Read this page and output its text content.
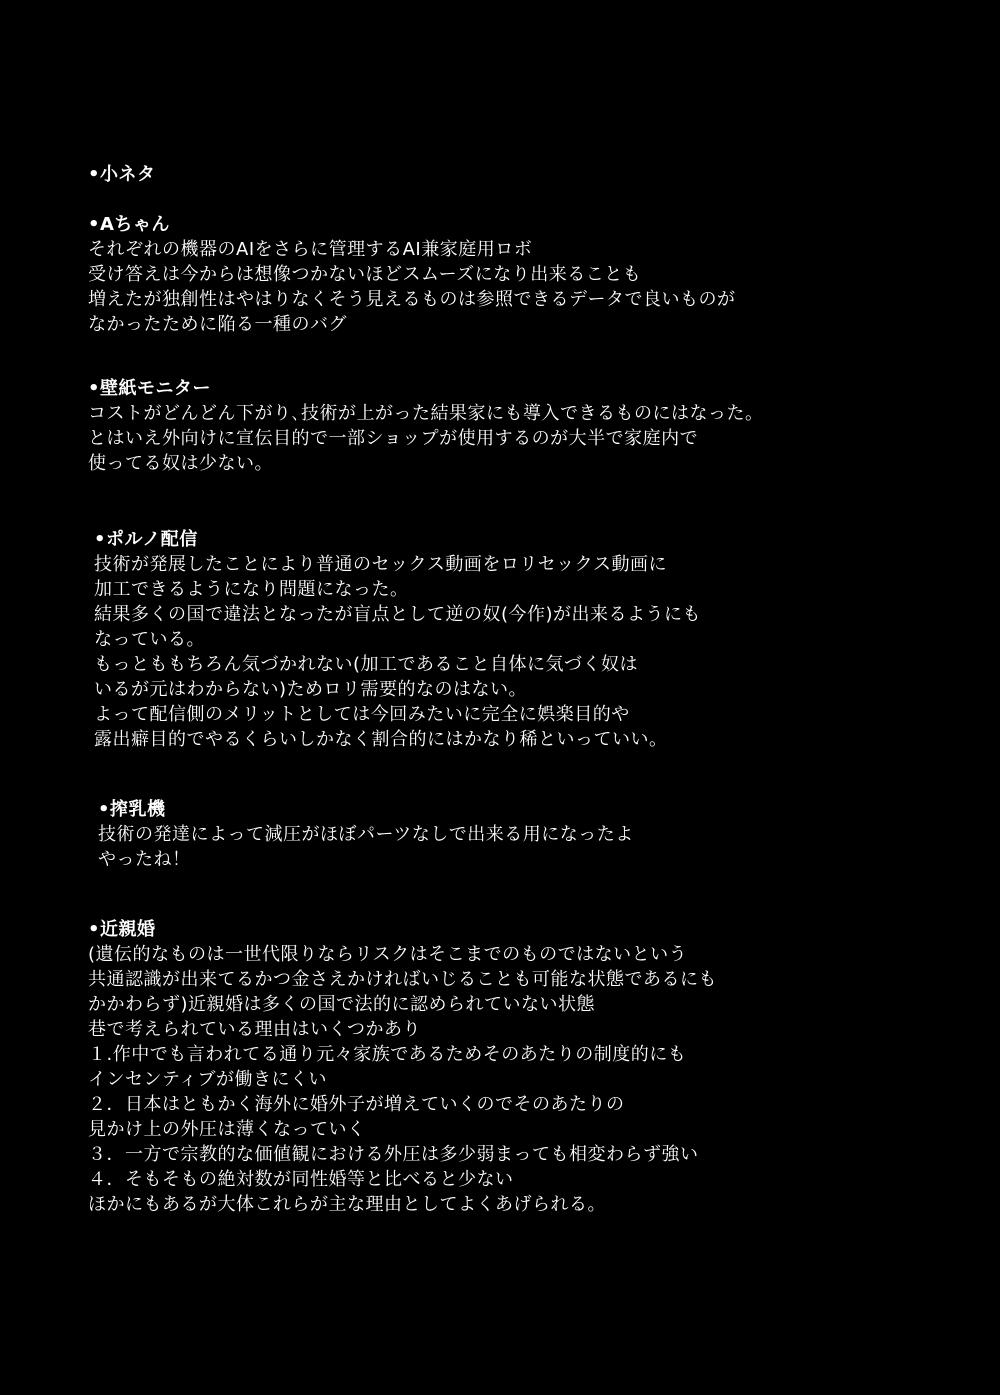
•小ネタ
•Aちゃん
それぞれの機器のAIをさらに管理するAI兼家庭用ロボ
受け答えは今からは想像つかないほどスムーズになり出来ることも
増えたが独創性はやはりなくそう見えるものは参照できるデータで良いものが
なかったために陥る一種のバグ
•壁紙モニター
コストがどんどん下がり､技術が上がった結果家にも導入できるものにはなった。
とはいえ外向けに宣伝目的で一部ショップが使用するのが大半で家庭内で
使ってる奴は少ない。
•ポルノ配信
技術が発展したことにより普通のセックス動画をロリセックス動画に
加工できるようになり問題になった。
結果多くの国で違法となったが盲点として逆の奴(今作)が出来るようにも
なっている。
もっとももちろん気づかれない(加工であること自体に気づく奴は
いるが元はわからない)ためロリ需要的なのはない。
よって配信側のメリットとしては今回みたいに完全に娯楽目的や
露出癖目的でやるくらいしかなく割合的にはかなり稀といっていい。
•搾乳機
技術の発達によって減圧がほぼパーツなしで出来る用になったよ
やったね！
•近親婚
(遺伝的なものは一世代限りならリスクはそこまでのものではないという
共通認識が出来てるかつ金さえかければいじることも可能な状態であるにも
かかわらず)近親婚は多くの国で法的に認められていない状態
巷で考えられている理由はいくつかあり
１.作中でも言われてる通り元々家族であるためそのあたりの制度的にも
インセンティブが働きにくい
２．日本はともかく海外に婚外子が増えていくのでそのあたりの
見かけ上の外圧は薄くなっていく
３．一方で宗教的な価値観における外圧は多少弱まっても相変わらず強い
４．そもそもの絶対数が同性婚等と比べると少ない
ほかにもあるが大体これらが主な理由としてよくあげられる。
